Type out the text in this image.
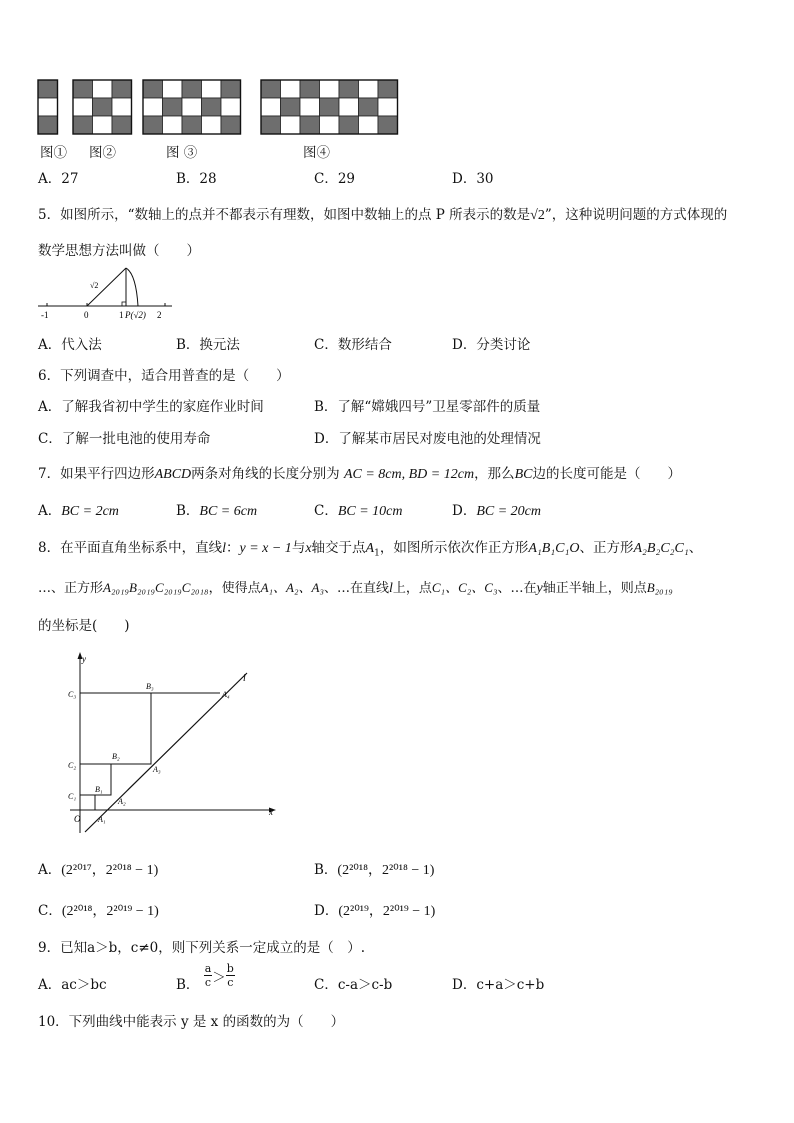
图① 图②	图 ③	图④
A．27	B．28	C．29	D．30
5．如图所示，“数轴上的点并不都表示有理数，如图中数轴上的点 P 所表示的数是√2”，这种说明问题的方式体现的
数学思想方法叫做（　　）
-1	0	1 P(√2) 2
√2
A．代入法	B．换元法	C．数形结合	D．分类讨论
6．下列调查中，适合用普查的是（　　）
A．了解我省初中学生的家庭作业时间	B．了解“嫦娥四号”卫星零部件的质量
C．了解一批电池的使用寿命	D．了解某市居民对废电池的处理情况
7．如果平行四边形ABCD两条对角线的长度分别为 AC = 8cm, BD = 12cm，那么BC边的长度可能是（　　）
A．BC = 2cm	B．BC = 6cm	C．BC = 10cm	D．BC = 20cm
8．在平面直角坐标系中，直线l：y = x − 1与x轴交于点$A_1$，如图所示依次作正方形A₁B₁C₁O、正方形A₂B₂C₂C₁、
…、正方形A₂₀₁₉B₂₀₁₉C₂₀₁₉C₂₀₁₈，使得点A₁、A₂、A₃、…在直线l上，点C₁、C₂、C₃、…在y轴正半轴上，则点B₂₀₁₉
的坐标是(　　)
y
x
l
O
C₁
C₂
C₃
B₁
B₂
B₃
A₁
A₂
A₃
A₄
A．(2²⁰¹⁷，2²⁰¹⁸ − 1)	B．(2²⁰¹⁸，2²⁰¹⁸ − 1)
C．(2²⁰¹⁸，2²⁰¹⁹ − 1)	D．(2²⁰¹⁹，2²⁰¹⁹ − 1)
9．已知a＞b，c≠0，则下列关系一定成立的是（　）.
A．ac＞bc	B． $\frac{a}{c} > \frac{b}{c}$	C．c-a＞c-b	D．c+a＞c+b
10．下列曲线中能表示 y 是 x 的函数的为（　　）
